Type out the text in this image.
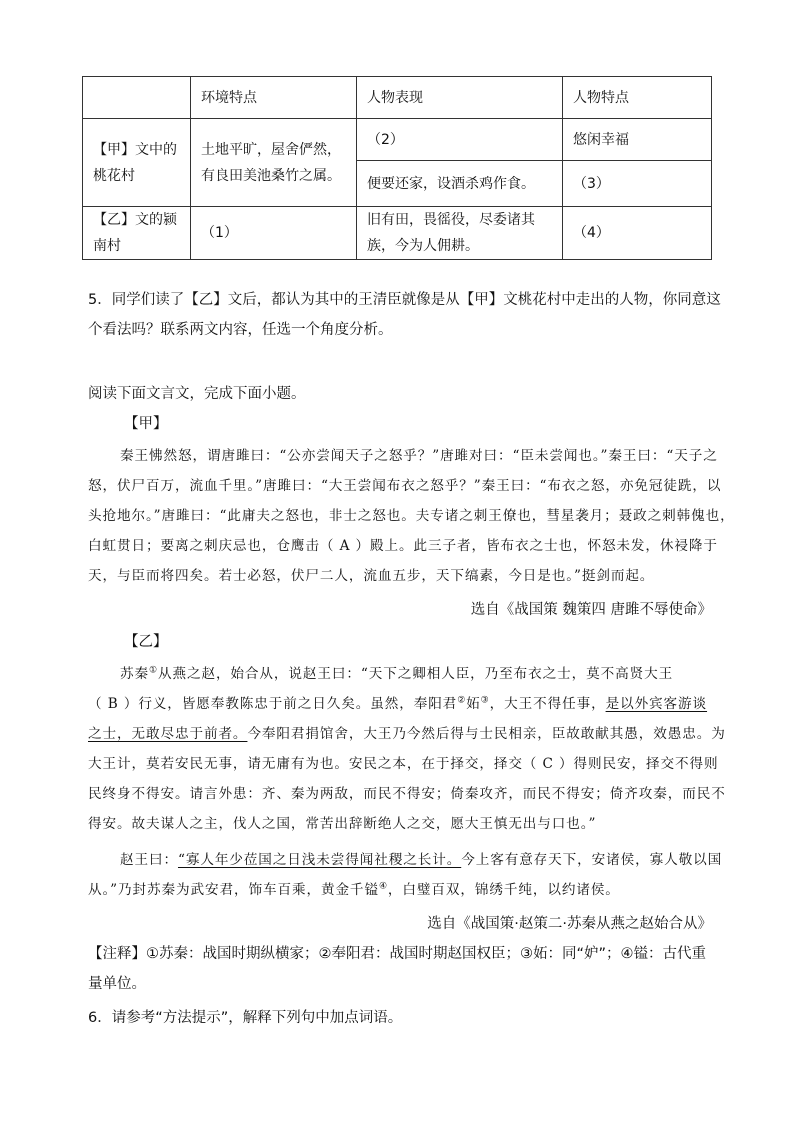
	环境特点	人物表现	人物特点
【甲】文中的桃花村	土地平旷，屋舍俨然，有良田美池桑竹之属。	（2）	悠闲幸福
		便要还家，设酒杀鸡作食。	（3）
【乙】文的颍南村	（1）	旧有田，畏徭役，尽委诸其族，今为人佣耕。	（4）
5．同学们读了【乙】文后，都认为其中的王清臣就像是从【甲】文桃花村中走出的人物，你同意这
个看法吗？联系两文内容，任选一个角度分析。
阅读下面文言文，完成下面小题。
【甲】
秦王怫然怒，谓唐雎曰：“公亦尝闻天子之怒乎？”唐雎对曰：“臣未尝闻也。”秦王曰：“天子之
怒，伏尸百万，流血千里。”唐雎曰：“大王尝闻布衣之怒乎？”秦王曰：“布衣之怒，亦免冠徒跣，以
头抢地尔。”唐雎曰：“此庸夫之怒也，非士之怒也。夫专诸之刺王僚也，彗星袭月；聂政之刺韩傀也，
白虹贯日；要离之刺庆忌也，仓鹰击（ A ）殿上。此三子者，皆布衣之士也，怀怒未发，休祲降于
天，与臣而将四矣。若士必怒，伏尸二人，流血五步，天下缟素，今日是也。”挺剑而起。
选自《战国策 魏策四 唐雎不辱使命》
【乙】
苏秦①从燕之赵，始合从，说赵王曰：“天下之卿相人臣，乃至布衣之士，莫不高贤大王
（ B ）行义，皆愿奉教陈忠于前之日久矣。虽然，奉阳君②妬③，大王不得任事，是以外宾客游谈
之士，无敢尽忠于前者。今奉阳君捐馆舍，大王乃今然后得与士民相亲，臣故敢献其愚，效愚忠。为
大王计，莫若安民无事，请无庸有为也。安民之本，在于择交，择交（ C ）得则民安，择交不得则
民终身不得安。请言外患：齐、秦为两敌，而民不得安；倚秦攻齐，而民不得安；倚齐攻秦，而民不
得安。故夫谋人之主，伐人之国，常苦出辞断绝人之交，愿大王慎无出与口也。”
赵王曰：“寡人年少莅国之日浅未尝得闻社稷之长计。今上客有意存天下，安诸侯，寡人敬以国
从。”乃封苏秦为武安君，饰车百乘，黄金千镒④，白璧百双，锦绣千纯，以约诸侯。
选自《战国策·赵策二·苏秦从燕之赵始合从》
【注释】①苏秦：战国时期纵横家；②奉阳君：战国时期赵国权臣；③妬：同“妒”；④镒：古代重
量单位。
6．请参考“方法提示”，解释下列句中加点词语。
